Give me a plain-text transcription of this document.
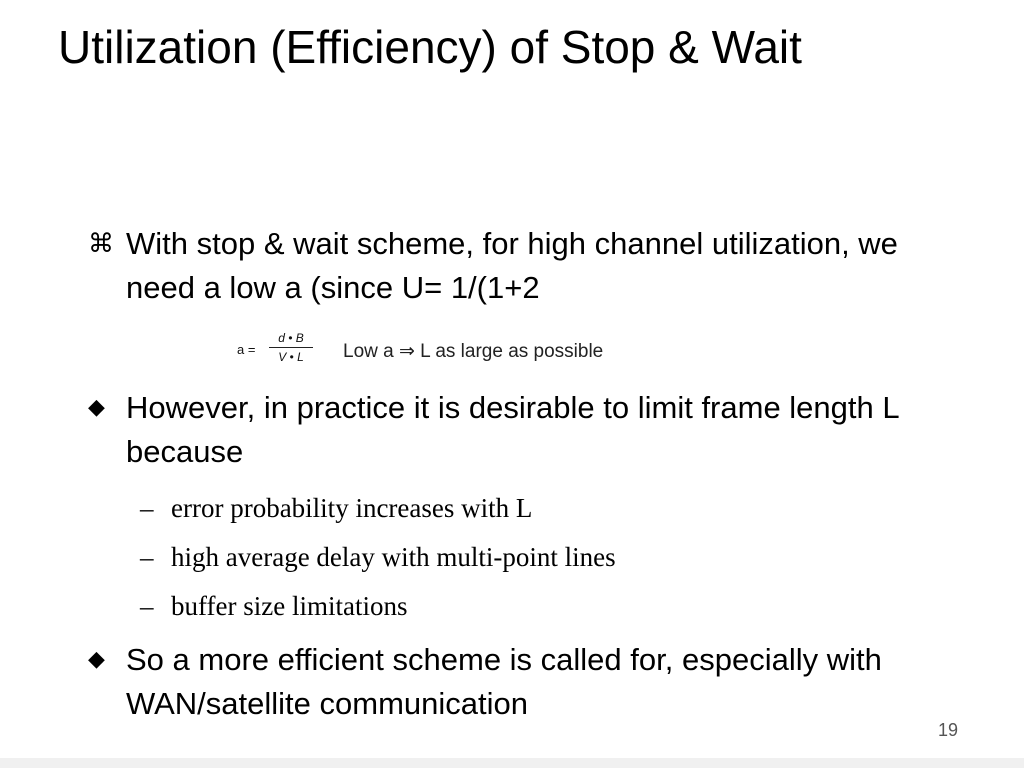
Utilization (Efficiency) of Stop & Wait
⌘ With stop & wait scheme, for high channel utilization, we need a low a (since U= 1/(1+2
a =
d • B
V • L	Low a ⇒ L as large as possible
◆ However, in practice it is desirable to limit frame length L because
– error probability increases with L
– high average delay with multi-point lines
– buffer size limitations
◆ So a more efficient scheme is called for, especially with WAN/satellite communication
19
